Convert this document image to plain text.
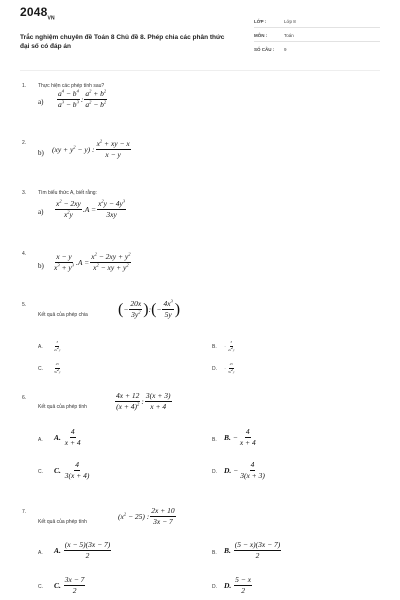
$2048_{VN}$
Trắc nghiệm chuyên đề Toán 8 Chủ đề 8. Phép chia các phân thức đại số có đáp án
LỚP :	Lớp 8
MÔN :	Toán
SỐ CÂU : 9
1. Thực hiện các phép tính sau?
$a) \frac{a^4 - b^4}{a^3 - b^3}$ : $\frac{a^2 + b^2}{a^2 - b^2}$
2.
b) $(xy + y^2 - y)$ : $\frac{x^2 + xy - x}{x - y}$
3. Tìm biểu thức A, biết rằng:
$a) \frac{x^2 - 2xy}{x^2y} .A = \frac{x^2y - 4y^3}{3xy}$
4.
$b) \frac{x - y}{x^3 + y^3} .A = \frac{x^2 - 2xy + y^2}{x^2 - xy + y^2}$
5.
Kết quả của phép chia ( − $\frac{20x}{3y^2}$ ) : ( − $\frac{4x^3}{5y}$ )
A.	$\frac{3}{2x^2y}$	B. − $\frac{3}{2x^2y}$
C.	$\frac{25}{3x^2y}$	D. − $\frac{25}{3x^2y}$
6.
Kết quả của phép tính	$\frac{4x + 12}{(x + 4)^2}$ : $\frac{3(x + 3)}{x + 4}$
A. A.
$\frac{4}{x + 4}$	B. B.
− $\frac{4}{x + 4}$
C. C.
$\frac{4}{3(x + 4)}$	D. D.
− $\frac{4}{3(x + 3)}$
7.
Kết quả của phép tính
$(x^2 - 25)$ : $\frac{2x + 10}{3x - 7}$
A. A.
$\frac{(x - 5)(3x - 7)}{2}$	B. B.
$\frac{(5 - x)(3x - 7)}{2}$
C. C.
$\frac{3x - 7}{2}$	D. D.
$\frac{5 - x}{2}$
